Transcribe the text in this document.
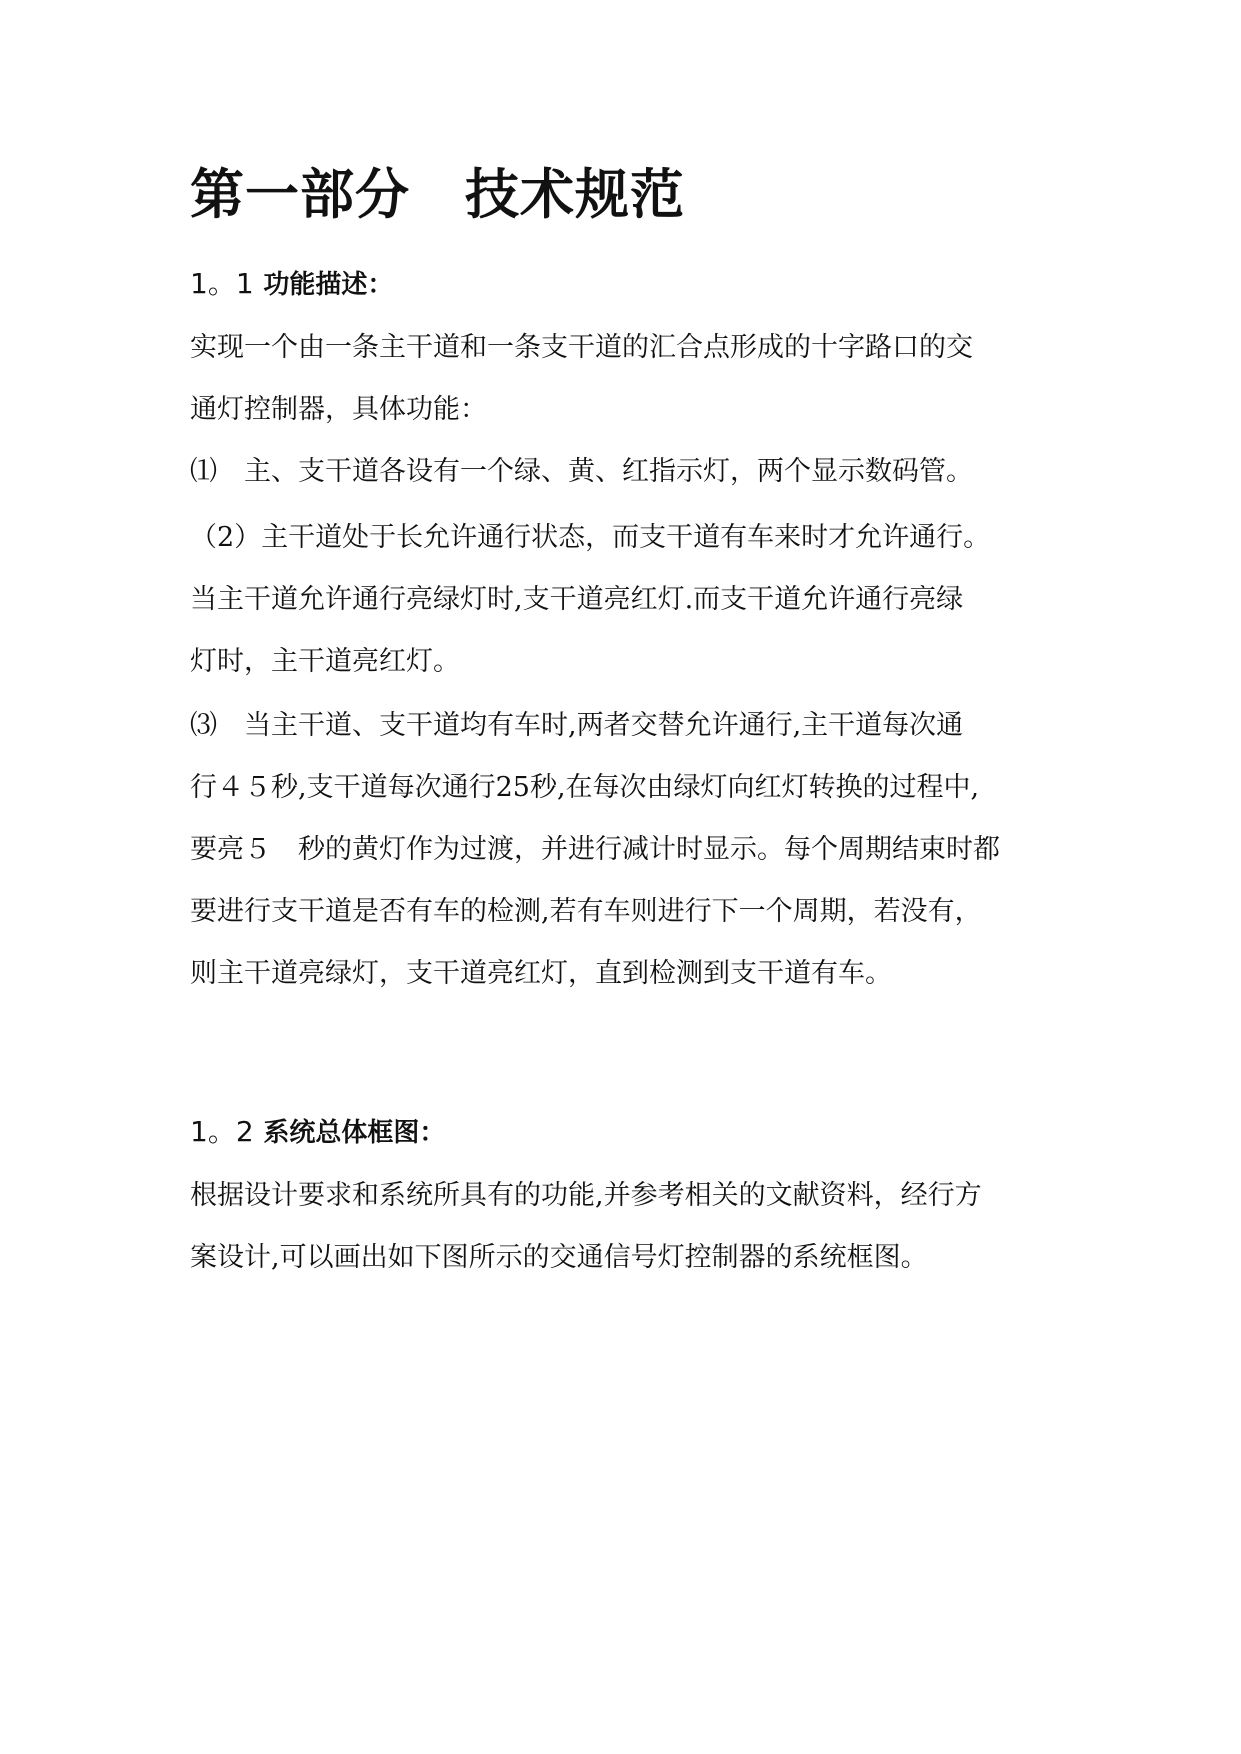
第一部分　技术规范
1。1 功能描述：
实现一个由一条主干道和一条支干道的汇合点形成的十字路口的交
通灯控制器，具体功能：
⑴　主、支干道各设有一个绿、黄、红指示灯，两个显示数码管。
（2）主干道处于长允许通行状态，而支干道有车来时才允许通行。
当主干道允许通行亮绿灯时,支干道亮红灯.而支干道允许通行亮绿
灯时，主干道亮红灯。
⑶　当主干道、支干道均有车时,两者交替允许通行,主干道每次通
行４５秒,支干道每次通行25秒,在每次由绿灯向红灯转换的过程中,
要亮５　秒的黄灯作为过渡，并进行减计时显示。每个周期结束时都
要进行支干道是否有车的检测,若有车则进行下一个周期，若没有，
则主干道亮绿灯，支干道亮红灯，直到检测到支干道有车。
1。2 系统总体框图：
根据设计要求和系统所具有的功能,并参考相关的文献资料，经行方
案设计,可以画出如下图所示的交通信号灯控制器的系统框图。
